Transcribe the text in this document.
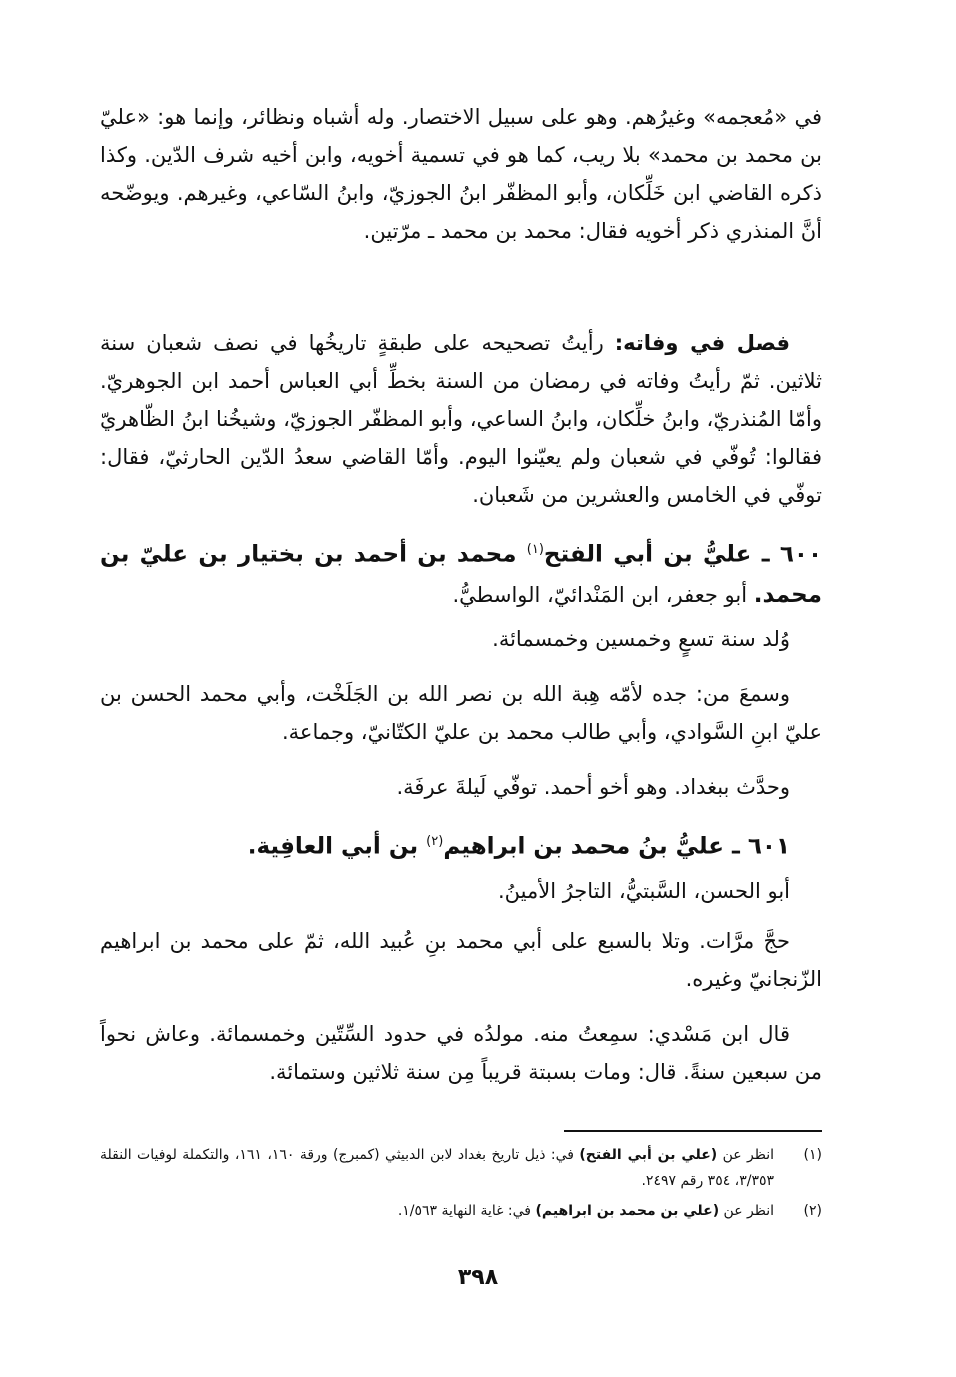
في «مُعجمه» وغيرُهم. وهو على سبيل الاختصار. وله أشباه ونظائر، وإنما هو: «عليّ بن محمد بن محمد» بلا ريب، كما هو في تسمية أخويه، وابن أخيه شرف الدّين. وكذا ذكره القاضي ابن خَلِّكان، وأبو المظفّر ابنُ الجوزيّ، وابنُ السّاعي، وغيرهم. ويوضّحه أنَّ المنذري ذكر أخويه فقال: محمد بن محمد ـ مرّتين.

فصل في وفاته: رأيتُ تصحيحه على طبقةٍ تاريخُها في نصف شعبان سنة ثلاثين. ثمّ رأيتُ وفاته في رمضان من السنة بخطِّ أبي العباس أحمد ابن الجوهريّ. وأمّا المُنذريّ، وابنُ خلِّكان، وابنُ الساعي، وأبو المظفّر الجوزيّ، وشيخُنا ابنُ الظّاهريّ فقالوا: تُوفّي في شعبان ولم يعيّنوا اليوم. وأمّا القاضي سعدُ الدّين الحارثيّ، فقال: توفّي في الخامس والعشرين من شَعبان.

٦٠٠ ـ عليُّ بن أبي الفتح$^{(١)}$ محمد بن أحمد بن بختيار بن عليّ بن محمد. أبو جعفر، ابن المَنْدائيّ، الواسطيُّ.

وُلد سنة تسعٍ وخمسين وخمسمائة.

وسمعَ من: جده لأمّه هِبة الله بن نصر الله بن الجَلَخْت، وأبي محمد الحسن بن عليّ ابنِ السَّوادي، وأبي طالب محمد بن عليّ الكتّانيّ، وجماعة.

وحدَّث ببغداد. وهو أخو أحمد. توفّي لَيلةَ عرفَة.

٦٠١ ـ عليُّ بنُ محمد بن ابراهيم$^{(٢)}$ بن أبي العافِية.

أبو الحسن، السَّبتيُّ، التاجرُ الأمينُ.

حجَّ مرَّات. وتلا بالسبع على أبي محمد بنِ عُبيد الله، ثمّ على محمد بن ابراهيم الزّنجانيّ وغيره.

قال ابن مَسْدي: سمِعتُ منه. مولدُه في حدود السِّتّين وخمسمائة. وعاش نحواً من سبعين سنةً. قال: ومات بسبتة قريباً مِن سنة ثلاثين وستمائة.

(١)
انظر عن (علي بن أبي الفتح) في: ذيل تاريخ بغداد لابن الدبيثي (كمبرج) ورقة ١٦٠، ١٦١، والتكملة لوفيات النقلة ٣/٣٥٣، ٣٥٤ رقم ٢٤٩٧.

(٢)
انظر عن (علي بن محمد بن ابراهيم) في: غاية النهاية ١/٥٦٣.

٣٩٨
